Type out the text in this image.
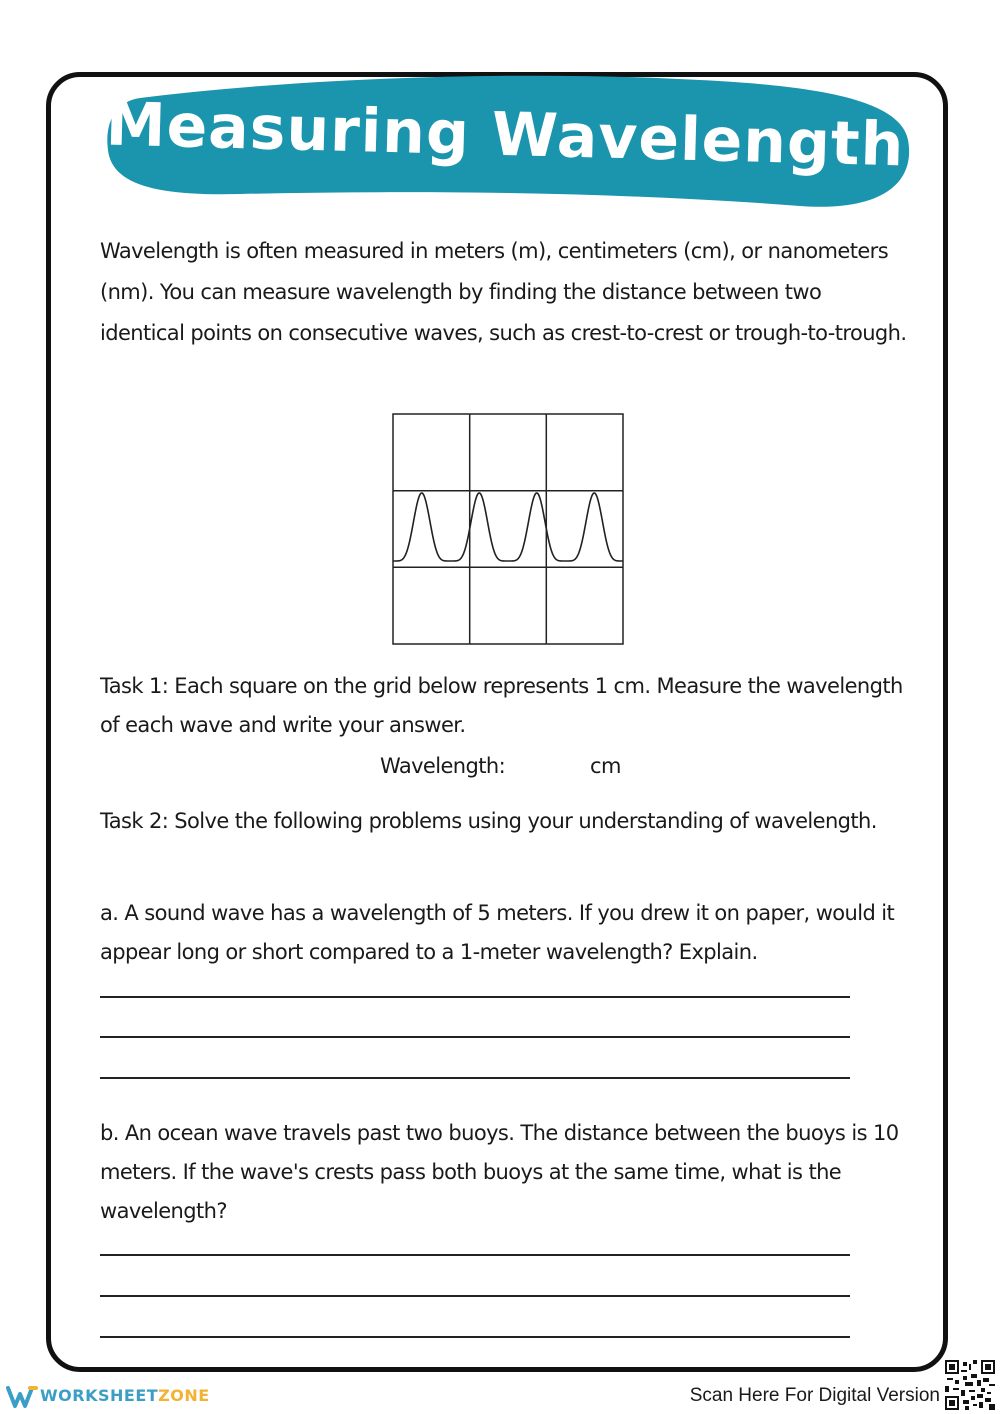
Measuring Wavelength

Wavelength is often measured in meters (m), centimeters (cm), or nanometers (nm). You can measure wavelength by finding the distance between two identical points on consecutive waves, such as crest-to-crest or trough-to-trough.

Task 1: Each square on the grid below represents 1 cm. Measure the wavelength of each wave and write your answer.

Wavelength:	cm

Task 2: Solve the following problems using your understanding of wavelength.

a. A sound wave has a wavelength of 5 meters. If you drew it on paper, would it appear long or short compared to a 1-meter wavelength? Explain.

b. An ocean wave travels past two buoys. The distance between the buoys is 10 meters. If the wave's crests pass both buoys at the same time, what is the wavelength?

WORKSHEETZONE	Scan Here For Digital Version
